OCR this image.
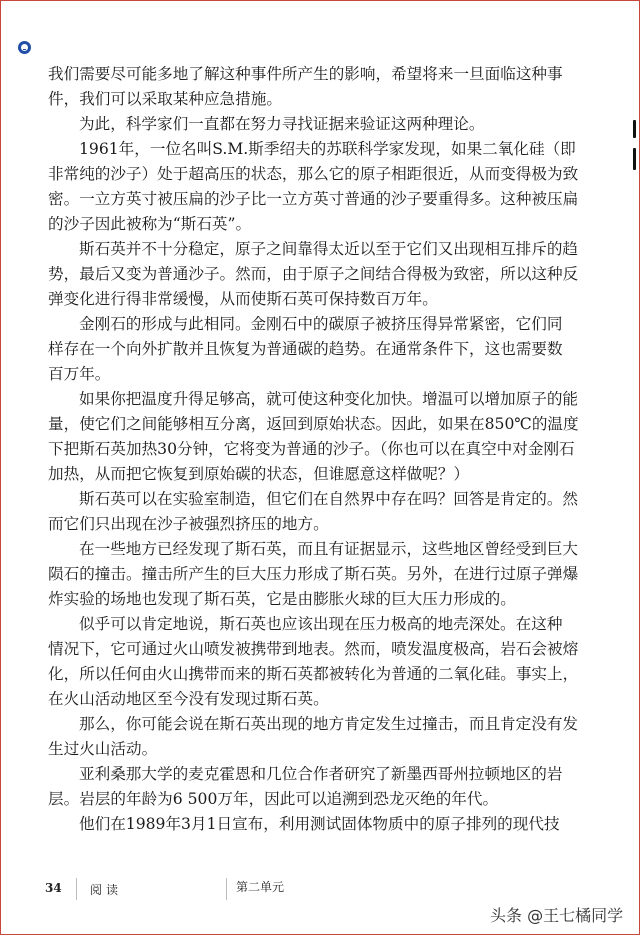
我们需要尽可能多地了解这种事件所产生的影响，希望将来一旦面临这种事
件，我们可以采取某种应急措施。
为此，科学家们一直都在努力寻找证据来验证这两种理论。
1961年，一位名叫S.M.斯季绍夫的苏联科学家发现，如果二氧化硅（即
非常纯的沙子）处于超高压的状态，那么它的原子相距很近，从而变得极为致
密。一立方英寸被压扁的沙子比一立方英寸普通的沙子要重得多。这种被压扁
的沙子因此被称为“斯石英”。
斯石英并不十分稳定，原子之间靠得太近以至于它们又出现相互排斥的趋
势，最后又变为普通沙子。然而，由于原子之间结合得极为致密，所以这种反
弹变化进行得非常缓慢，从而使斯石英可保持数百万年。
金刚石的形成与此相同。金刚石中的碳原子被挤压得异常紧密，它们同
样存在一个向外扩散并且恢复为普通碳的趋势。在通常条件下，这也需要数
百万年。
如果你把温度升得足够高，就可使这种变化加快。增温可以增加原子的能
量，使它们之间能够相互分离，返回到原始状态。因此，如果在850℃的温度
下把斯石英加热30分钟，它将变为普通的沙子。（你也可以在真空中对金刚石
加热，从而把它恢复到原始碳的状态，但谁愿意这样做呢？）
斯石英可以在实验室制造，但它们在自然界中存在吗？回答是肯定的。然
而它们只出现在沙子被强烈挤压的地方。
在一些地方已经发现了斯石英，而且有证据显示，这些地区曾经受到巨大
陨石的撞击。撞击所产生的巨大压力形成了斯石英。另外，在进行过原子弹爆
炸实验的场地也发现了斯石英，它是由膨胀火球的巨大压力形成的。
似乎可以肯定地说，斯石英也应该出现在压力极高的地壳深处。在这种
情况下，它可通过火山喷发被携带到地表。然而，喷发温度极高，岩石会被熔
化，所以任何由火山携带而来的斯石英都被转化为普通的二氧化硅。事实上，
在火山活动地区至今没有发现过斯石英。
那么，你可能会说在斯石英出现的地方肯定发生过撞击，而且肯定没有发
生过火山活动。
亚利桑那大学的麦克霍恩和几位合作者研究了新墨西哥州拉顿地区的岩
层。岩层的年龄为6 500万年，因此可以追溯到恐龙灭绝的年代。
他们在1989年3月1日宣布，利用测试固体物质中的原子排列的现代技
34 阅读	第二单元
头条 @王七橘同学
